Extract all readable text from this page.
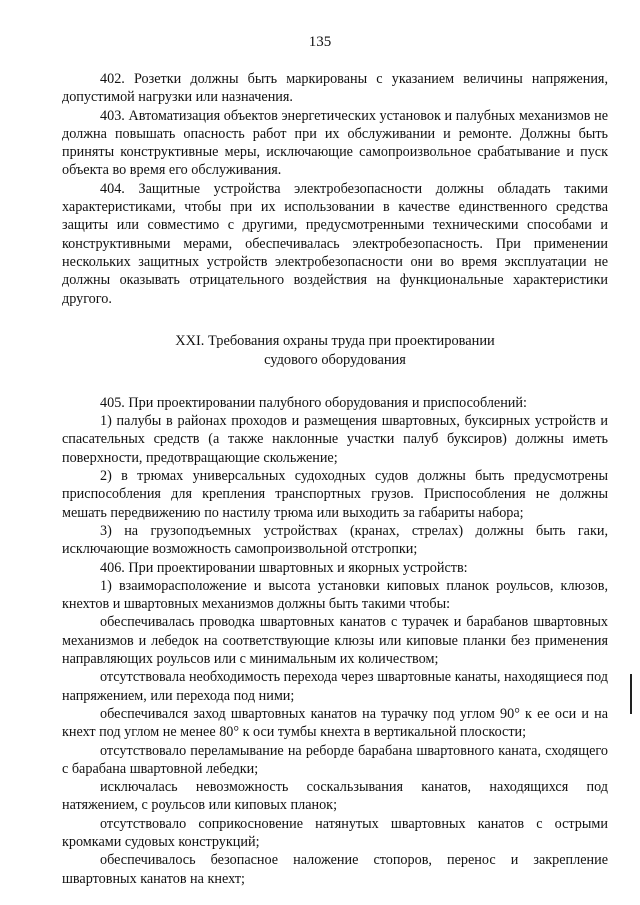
135

402. Розетки должны быть маркированы с указанием величины напряжения, допустимой нагрузки или назначения.

403. Автоматизация объектов энергетических установок и палубных механизмов не должна повышать опасность работ при их обслуживании и ремонте. Должны быть приняты конструктивные меры, исключающие самопроизвольное срабатывание и пуск объекта во время его обслуживания.

404. Защитные устройства электробезопасности должны обладать такими характеристиками, чтобы при их использовании в качестве единственного средства защиты или совместимо с другими, предусмотренными техническими способами и конструктивными мерами, обеспечивалась электробезопасность. При применении нескольких защитных устройств электробезопасности они во время эксплуатации не должны оказывать отрицательного воздействия на функциональные характеристики другого.

XXI. Требования охраны труда при проектировании
судового оборудования

405. При проектировании палубного оборудования и приспособлений:

1) палубы в районах проходов и размещения швартовных, буксирных устройств и спасательных средств (а также наклонные участки палуб буксиров) должны иметь поверхности, предотвращающие скольжение;

2) в трюмах универсальных судоходных судов должны быть предусмотрены приспособления для крепления транспортных грузов. Приспособления не должны мешать передвижению по настилу трюма или выходить за габариты набора;

3) на грузоподъемных устройствах (кранах, стрелах) должны быть гаки, исключающие возможность самопроизвольной отстропки;

406. При проектировании швартовных и якорных устройств:

1) взаиморасположение и высота установки киповых планок роульсов, клюзов, кнехтов и швартовных механизмов должны быть такими чтобы:

обеспечивалась проводка швартовных канатов с турачек и барабанов швартовных механизмов и лебедок на соответствующие клюзы или киповые планки без применения направляющих роульсов или с минимальным их количеством;

отсутствовала необходимость перехода через швартовные канаты, находящиеся под напряжением, или перехода под ними;

обеспечивался заход швартовных канатов на турачку под углом 90° к ее оси и на кнехт под углом не менее 80° к оси тумбы кнехта в вертикальной плоскости;

отсутствовало переламывание на реборде барабана швартовного каната, сходящего с барабана швартовной лебедки;

исключалась невозможность соскальзывания канатов, находящихся под натяжением, с роульсов или киповых планок;

отсутствовало соприкосновение натянутых швартовных канатов с острыми кромками судовых конструкций;

обеспечивалось безопасное наложение стопоров, перенос и закрепление швартовных канатов на кнехт;
